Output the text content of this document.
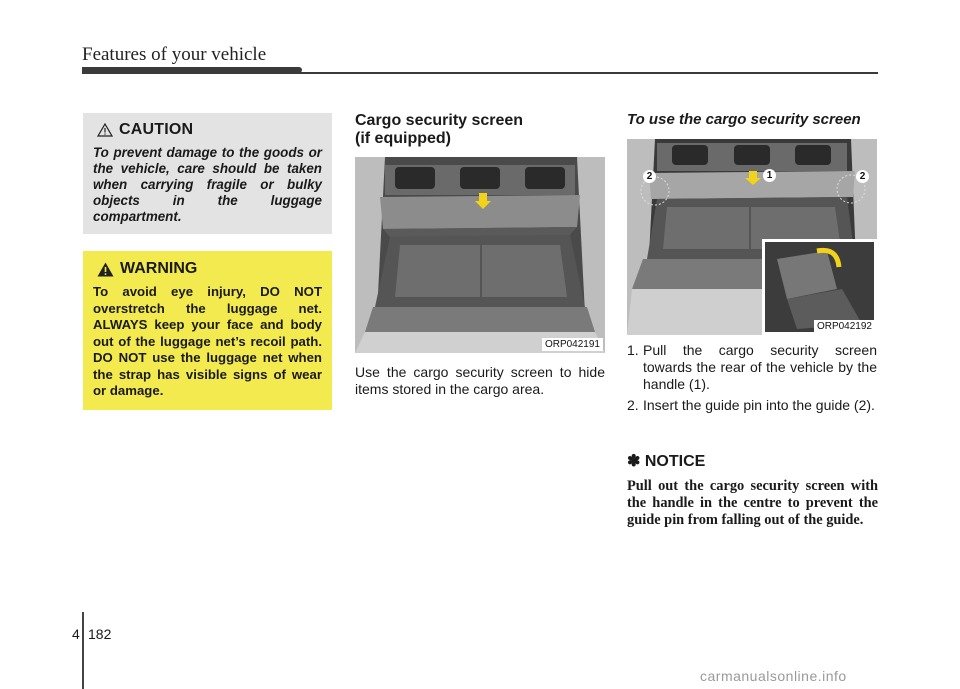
Features of your vehicle
CAUTION
To prevent damage to the goods or the vehicle, care should be taken when carrying fragile or bulky objects in the luggage compartment.
WARNING
To avoid eye injury, DO NOT overstretch the luggage net. ALWAYS keep your face and body out of the luggage net’s recoil path. DO NOT use the luggage net when the strap has visible signs of wear or damage.
Cargo security screen
(if equipped)
ORP042191
Use the cargo security screen to hide items stored in the cargo area.
To use the cargo security screen
1
2	2
ORP042192
1. Pull the cargo security screen towards the rear of the vehicle by the handle (1).
2. Insert the guide pin into the guide (2).
✽ NOTICE
Pull out the cargo security screen with the handle in the centre to prevent the guide pin from falling out of the guide.
4 182
carmanualsonline.info
